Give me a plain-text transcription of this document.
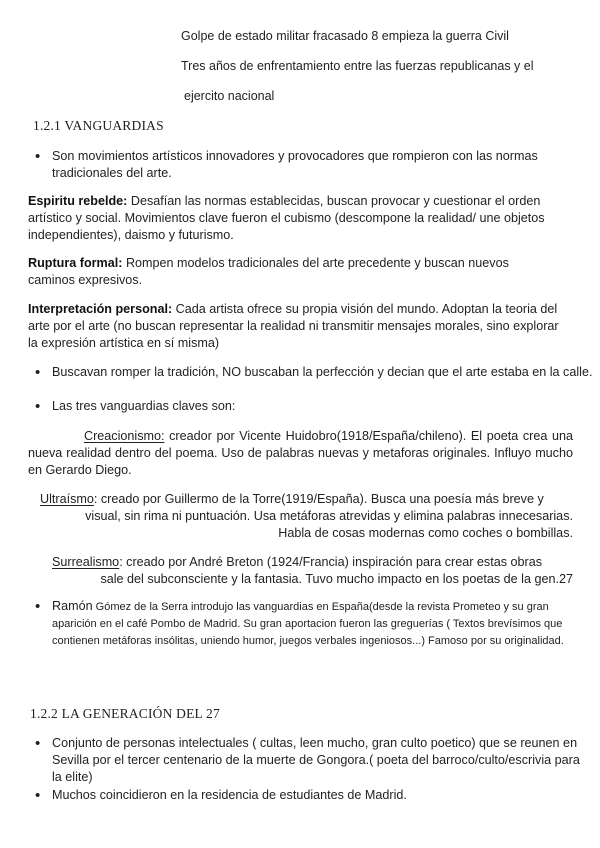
Golpe de estado militar fracasado 8 empieza la guerra Civil
Tres años de enfrentamiento entre las fuerzas republicanas y el
ejercito nacional
1.2.1 VANGUARDIAS
• Son movimientos artísticos innovadores y provocadores que rompieron con las normas tradicionales del arte.
Espiritu rebelde: Desafían las normas establecidas, buscan provocar y cuestionar el orden artístico y social. Movimientos clave fueron el cubismo (descompone la realidad/ une objetos independientes), daismo y futurismo.
Ruptura formal: Rompen modelos tradicionales del arte precedente y buscan nuevos caminos expresivos.
Interpretación personal: Cada artista ofrece su propia visión del mundo. Adoptan la teoria del arte por el arte (no buscan representar la realidad ni transmitir mensajes morales, sino explorar la expresión artística en sí misma)
• Buscavan romper la tradición, NO buscaban la perfección y decian que el arte estaba en la calle.
• Las tres vanguardias claves son:
Creacionismo: creador por Vicente Huidobro(1918/España/chileno). El poeta crea una nueva realidad dentro del poema. Uso de palabras nuevas y metaforas originales. Influyo mucho en Gerardo Diego.
Ultraísmo: creado por Guillermo de la Torre(1919/España). Busca una poesía más breve y
visual, sin rima ni puntuación. Usa metáforas atrevidas y elimina palabras innecesarias.
Habla de cosas modernas como coches o bombillas.
Surrealismo: creado por André Breton (1924/Francia) inspiración para crear estas obras
sale del subconsciente y la fantasia. Tuvo mucho impacto en los poetas de la gen.27
• Ramón Gómez de la Serra introdujo las vanguardias en España(desde la revista Prometeo y su gran aparición en el café Pombo de Madrid. Su gran aportacion fueron las greguerías ( Textos brevísimos que contienen metáforas insólitas, uniendo humor, juegos verbales ingeniosos...) Famoso por su originalidad.
1.2.2 LA GENERACIÓN DEL 27
• Conjunto de personas intelectuales ( cultas, leen mucho, gran culto poetico) que se reunen en Sevilla por el tercer centenario de la muerte de Gongora.( poeta del barroco/culto/escrivia para la elite)
• Muchos coincidieron en la residencia de estudiantes de Madrid.
